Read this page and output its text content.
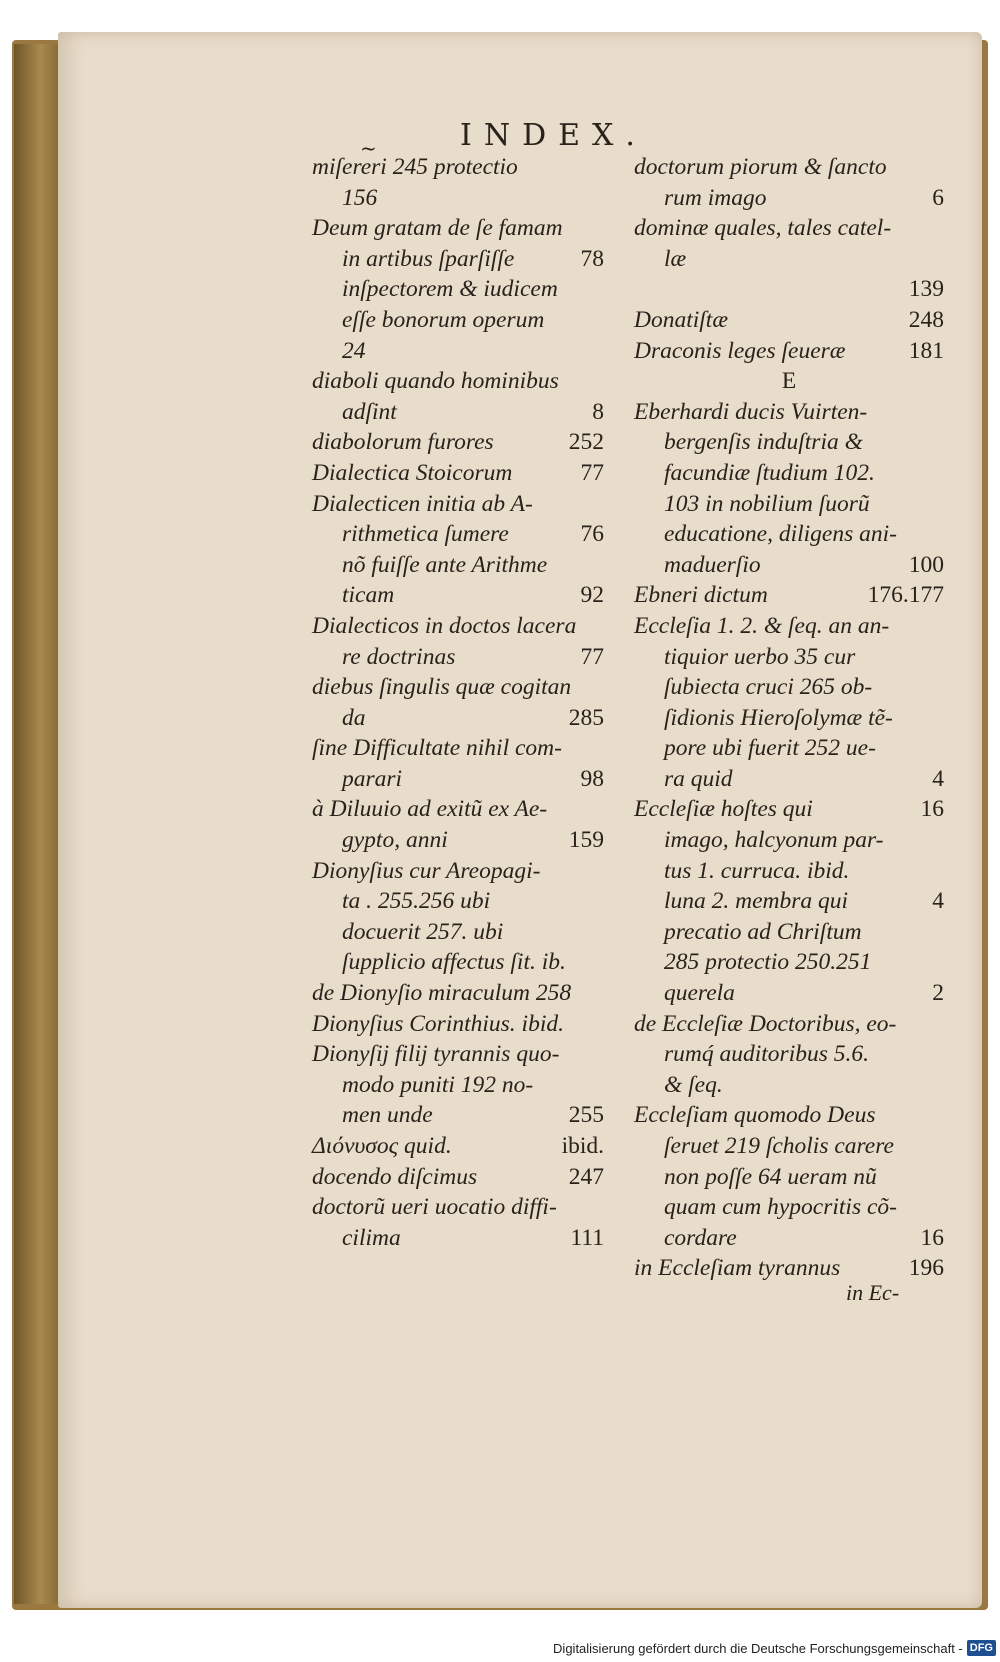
~	INDEX.
miſereri 245 protectio
156
Deum gratam de ſe famam
in artibus ſparſiſſe	78
inſpectorem & iudicem
eſſe bonorum operum
24
diaboli quando hominibus
adſint	8
diabolorum furores	252
Dialectica Stoicorum	77
Dialecticen initia ab A-
rithmetica ſumere	76
nõ fuiſſe ante Arithme
ticam	92
Dialecticos in doctos lacera
re doctrinas	77
diebus ſingulis quæ cogitan
da	285
ſine Difficultate nihil com-
parari	98
à Diluuio ad exitũ ex Ae-
gypto, anni	159
Dionyſius cur Areopagi-
ta . 255.256 ubi
docuerit 257. ubi
ſupplicio affectus ſit. ib.
de Dionyſio miraculum 258
Dionyſius Corinthius. ibid.
Dionyſij filij tyrannis quo-
modo puniti 192 no-
men unde	255
Διόνυσος quid.	ibid.
docendo diſcimus	247
doctorũ ueri uocatio diffi-
cilima	111
doctorum piorum & ſancto
rum imago	6
dominæ quales, tales catel-
læ
139
Donatiſtæ	248
Draconis leges ſeueræ	181
E
Eberhardi ducis Vuirten-
bergenſis induſtria &
facundiæ ſtudium 102.
103 in nobilium ſuorũ
educatione, diligens ani-
maduerſio	100
Ebneri dictum	176.177
Eccleſia 1. 2. & ſeq. an an-
tiquior uerbo 35 cur
ſubiecta cruci 265 ob-
ſidionis Hieroſolymæ tẽ-
pore ubi fuerit 252 ue-
ra quid	4
Eccleſiæ hoſtes qui	16
imago, halcyonum par-
tus 1. curruca. ibid.
luna 2. membra qui	4
precatio ad Chriſtum
285 protectio 250.251
querela	2
de Eccleſiæ Doctoribus, eo-
rumq́ auditoribus 5.6.
& ſeq.
Eccleſiam quomodo Deus
ſeruet 219 ſcholis carere
non poſſe 64 ueram nũ
quam cum hypocritis cõ-
cordare	16
in Eccleſiam tyrannus	196
in Ec-
Digitalisierung gefördert durch die Deutsche Forschungsgemeinschaft - DFG
